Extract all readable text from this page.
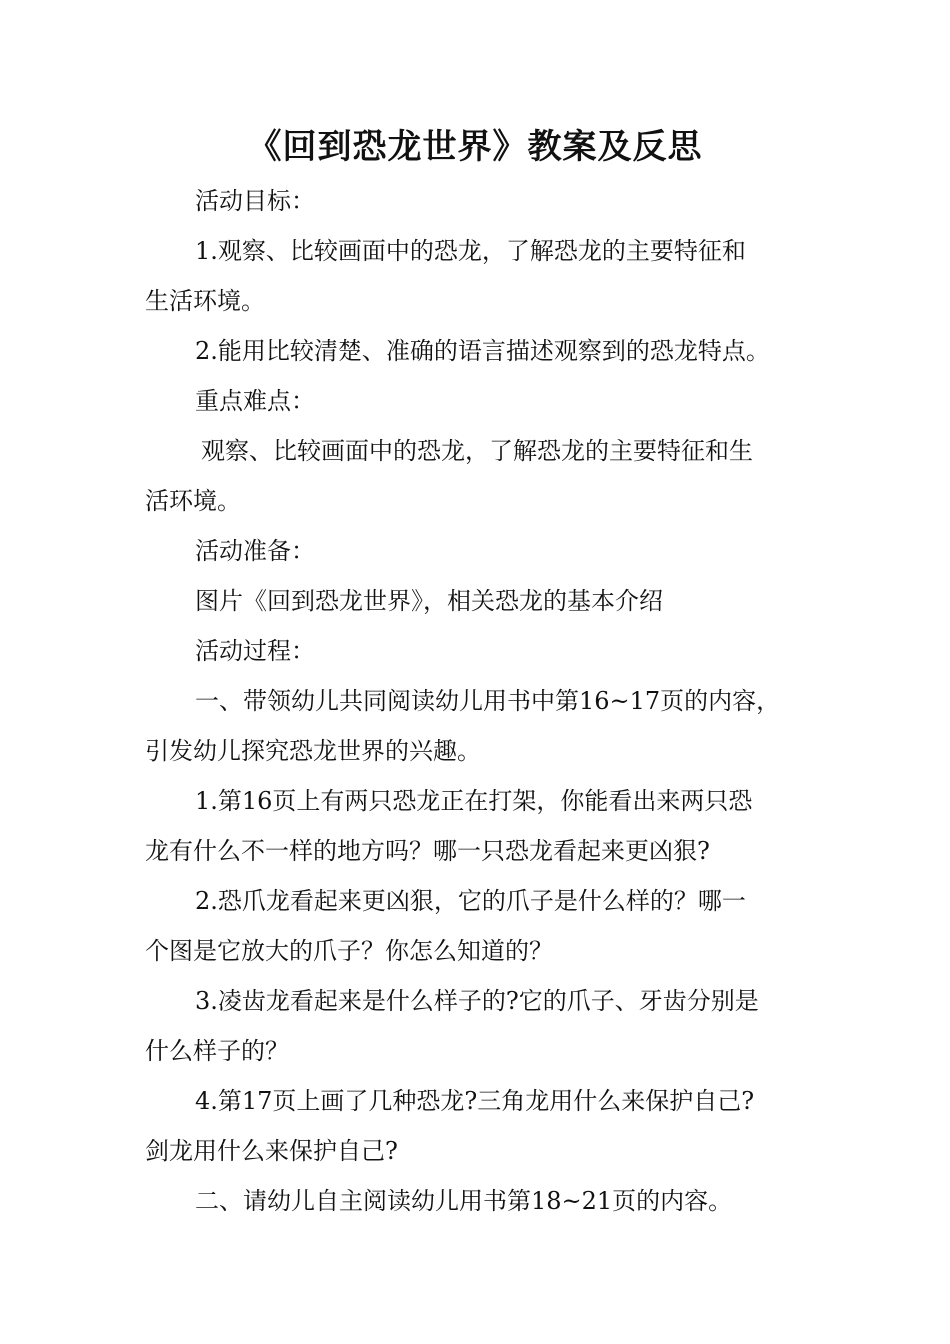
《回到恐龙世界》教案及反思

活动目标：

1.观察、比较画面中的恐龙，了解恐龙的主要特征和

生活环境。

2.能用比较清楚、准确的语言描述观察到的恐龙特点。

重点难点：

观察、比较画面中的恐龙，了解恐龙的主要特征和生

活环境。

活动准备：

图片《回到恐龙世界》，相关恐龙的基本介绍

活动过程：

一、带领幼儿共同阅读幼儿用书中第16~17页的内容，

引发幼儿探究恐龙世界的兴趣。

1.第16页上有两只恐龙正在打架，你能看出来两只恐

龙有什么不一样的地方吗？哪一只恐龙看起来更凶狠?

2.恐爪龙看起来更凶狠，它的爪子是什么样的？哪一

个图是它放大的爪子？你怎么知道的？

3.凌齿龙看起来是什么样子的?它的爪子、牙齿分别是

什么样子的？

4.第17页上画了几种恐龙?三角龙用什么来保护自己?

剑龙用什么来保护自己?

二、请幼儿自主阅读幼儿用书第18~21页的内容。
